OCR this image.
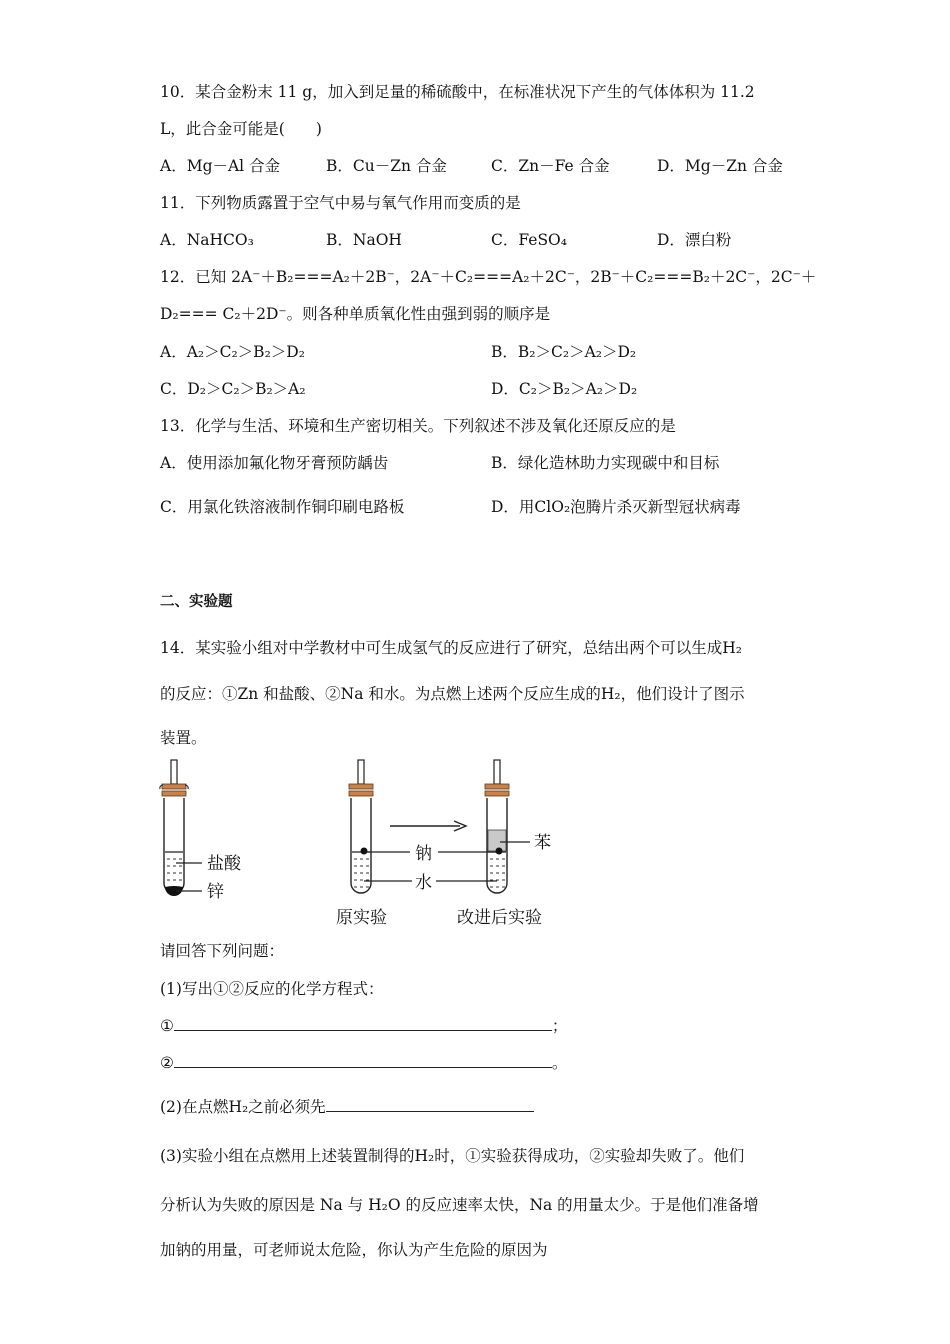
10．某合金粉末 11 g，加入到足量的稀硫酸中，在标准状况下产生的气体体积为 11.2
L，此合金可能是(　　)
A．Mg－Al 合金	B．Cu－Zn 合金	C．Zn－Fe 合金	D．Mg－Zn 合金
11．下列物质露置于空气中易与氧气作用而变质的是
A．NaHCO₃	B．NaOH	C．FeSO₄	D．漂白粉
12．已知 2A⁻＋B₂===A₂＋2B⁻，2A⁻＋C₂===A₂＋2C⁻，2B⁻＋C₂===B₂＋2C⁻，2C⁻＋
D₂=== C₂＋2D⁻。则各种单质氧化性由强到弱的顺序是
A．A₂＞C₂＞B₂＞D₂	B．B₂＞C₂＞A₂＞D₂
C．D₂＞C₂＞B₂＞A₂	D．C₂＞B₂＞A₂＞D₂
13．化学与生活、环境和生产密切相关。下列叙述不涉及氧化还原反应的是
A．使用添加氟化物牙膏预防龋齿	B．绿化造林助力实现碳中和目标
C．用氯化铁溶液制作铜印刷电路板	D．用ClO₂泡腾片杀灭新型冠状病毒
二、实验题
14．某实验小组对中学教材中可生成氢气的反应进行了研究，总结出两个可以生成H₂
的反应：①Zn 和盐酸、②Na 和水。为点燃上述两个反应生成的H₂，他们设计了图示
装置。
盐酸
锌
钠
水
苯
原实验	改进后实验
请回答下列问题：
(1)写出①②反应的化学方程式：
①	；
②	。
(2)在点燃H₂之前必须先
(3)实验小组在点燃用上述装置制得的H₂时，①实验获得成功，②实验却失败了。他们
分析认为失败的原因是 Na 与 H₂O 的反应速率太快，Na 的用量太少。于是他们准备增
加钠的用量，可老师说太危险，你认为产生危险的原因为
